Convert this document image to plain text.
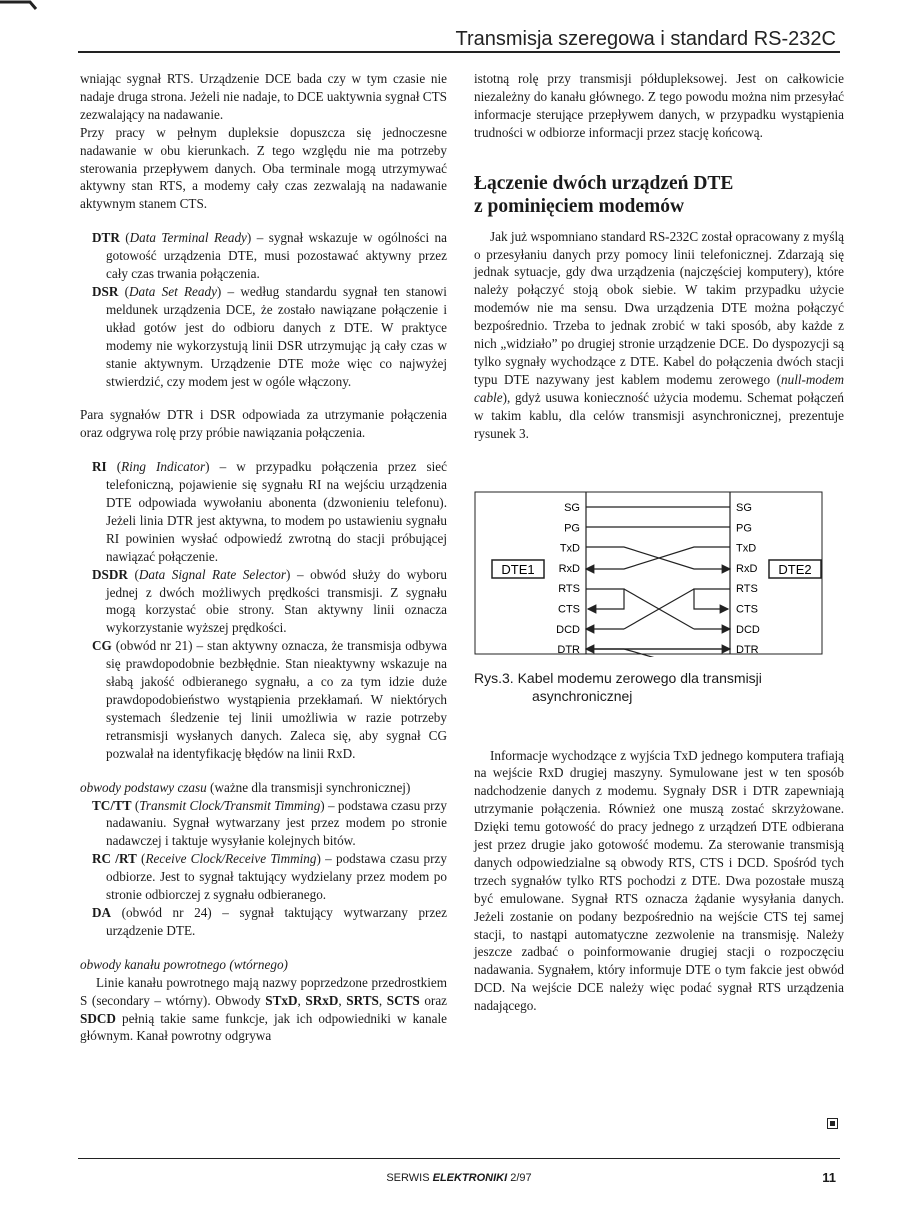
Transmisja szeregowa i standard RS-232C

wniając sygnał RTS. Urządzenie DCE bada czy w tym czasie nie nadaje druga strona. Jeżeli nie nadaje, to DCE uaktywnia sygnał CTS zezwalający na nadawanie.

Przy pracy w pełnym dupleksie dopuszcza się jednoczesne nadawanie w obu kierunkach. Z tego względu nie ma potrzeby sterowania przepływem danych. Oba terminale mogą utrzymywać aktywny stan RTS, a modemy cały czas zezwalają na nadawanie aktywnym stanem CTS.

DTR (Data Terminal Ready) – sygnał wskazuje w ogólności na gotowość urządzenia DTE, musi pozostawać aktywny przez cały czas trwania połączenia.

DSR (Data Set Ready) – według standardu sygnał ten stanowi meldunek urządzenia DCE, że zostało nawiązane połączenie i układ gotów jest do odbioru danych z DTE. W praktyce modemy nie wykorzystują linii DSR utrzymując ją cały czas w stanie aktywnym. Urządzenie DTE może więc co najwyżej stwierdzić, czy modem jest w ogóle włączony.

Para sygnałów DTR i DSR odpowiada za utrzymanie połączenia oraz odgrywa rolę przy próbie nawiązania połączenia.

RI (Ring Indicator) – w przypadku połączenia przez sieć telefoniczną, pojawienie się sygnału RI na wejściu urządzenia DTE odpowiada wywołaniu abonenta (dzwonieniu telefonu). Jeżeli linia DTR jest aktywna, to modem po ustawieniu sygnału RI powinien wysłać odpowiedź zwrotną do stacji próbującej nawiązać połączenie.

DSDR (Data Signal Rate Selector) – obwód służy do wyboru jednej z dwóch możliwych prędkości transmisji. Z sygnału mogą korzystać obie strony. Stan aktywny linii oznacza wykorzystanie wyższej prędkości.

CG (obwód nr 21) – stan aktywny oznacza, że transmisja odbywa się prawdopodobnie bezbłędnie. Stan nieaktywny wskazuje na słabą jakość odbieranego sygnału, a co za tym idzie duże prawdopodobieństwo wystąpienia przekłamań. W niektórych systemach śledzenie tej linii umożliwia w razie potrzeby retransmisji wysłanych danych. Zaleca się, aby sygnał CG pozwalał na identyfikację błędów na linii RxD.

obwody podstawy czasu (ważne dla transmisji synchronicznej)

TC/TT (Transmit Clock/Transmit Timming) – podstawa czasu przy nadawaniu. Sygnał wytwarzany jest przez modem po stronie nadawczej i taktuje wysyłanie kolejnych bitów.

RC /RT (Receive Clock/Receive Timming) – podstawa czasu przy odbiorze. Jest to sygnał taktujący wydzielany przez modem po stronie odbiorczej z sygnału odbieranego.

DA (obwód nr 24) – sygnał taktujący wytwarzany przez urządzenie DTE.

obwody kanału powrotnego (wtórnego)

Linie kanału powrotnego mają nazwy poprzedzone przedrostkiem S (secondary – wtórny). Obwody STxD, SRxD, SRTS, SCTS oraz SDCD pełnią takie same funkcje, jak ich odpowiedniki w kanale głównym. Kanał powrotny odgrywa

istotną rolę przy transmisji półdupleksowej. Jest on całkowicie niezależny do kanału głównego. Z tego powodu można nim przesyłać informacje sterujące przepływem danych, w przypadku wystąpienia trudności w odbiorze informacji przez stację końcową.

Łączenie dwóch urządzeń DTE
z pominięciem modemów

Jak już wspomniano standard RS-232C został opracowany z myślą o przesyłaniu danych przy pomocy linii telefonicznej. Zdarzają się jednak sytuacje, gdy dwa urządzenia (najczęściej komputery), które należy połączyć stoją obok siebie. W takim przypadku użycie modemów nie ma sensu. Dwa urządzenia DTE można połączyć bezpośrednio. Trzeba to jednak zrobić w taki sposób, aby każde z nich „widziało” po drugiej stronie urządzenie DCE. Do dyspozycji są tylko sygnały wychodzące z DTE. Kabel do połączenia dwóch stacji typu DTE nazywany jest kablem modemu zerowego (null-modem cable), gdyż usuwa konieczność użycia modemu. Schemat połączeń w takim kablu, dla celów transmisji asynchronicznej, prezentuje rysunek 3.

DTE1	DTE2
SG	SG
PG	PG
TxD	TxD
RxD	RxD
RTS	RTS
CTS	CTS
DCD	DCD
DTR	DTR
Rys.3. Kabel modemu zerowego dla transmisji
asynchronicznej

Informacje wychodzące z wyjścia TxD jednego komputera trafiają na wejście RxD drugiej maszyny. Symulowane jest w ten sposób nadchodzenie danych z modemu. Sygnały DSR i DTR zapewniają utrzymanie połączenia. Również one muszą zostać skrzyżowane. Dzięki temu gotowość do pracy jednego z urządzeń DTE odbierana jest przez drugie jako gotowość modemu. Za sterowanie transmisją danych odpowiedzialne są obwody RTS, CTS i DCD. Spośród tych trzech sygnałów tylko RTS pochodzi z DTE. Dwa pozostałe muszą być emulowane. Sygnał RTS oznacza żądanie wysyłania danych. Jeżeli zostanie on podany bezpośrednio na wejście CTS tej samej stacji, to nastąpi automatyczne zezwolenie na transmisję. Należy jeszcze zadbać o poinformowanie drugiej stacji o rozpoczęciu nadawania. Sygnałem, który informuje DTE o tym fakcie jest obwód DCD. Na wejście DCE należy więc podać sygnał RTS urządzenia nadającego.

SERWIS ELEKTRONIKI 2/97	11
